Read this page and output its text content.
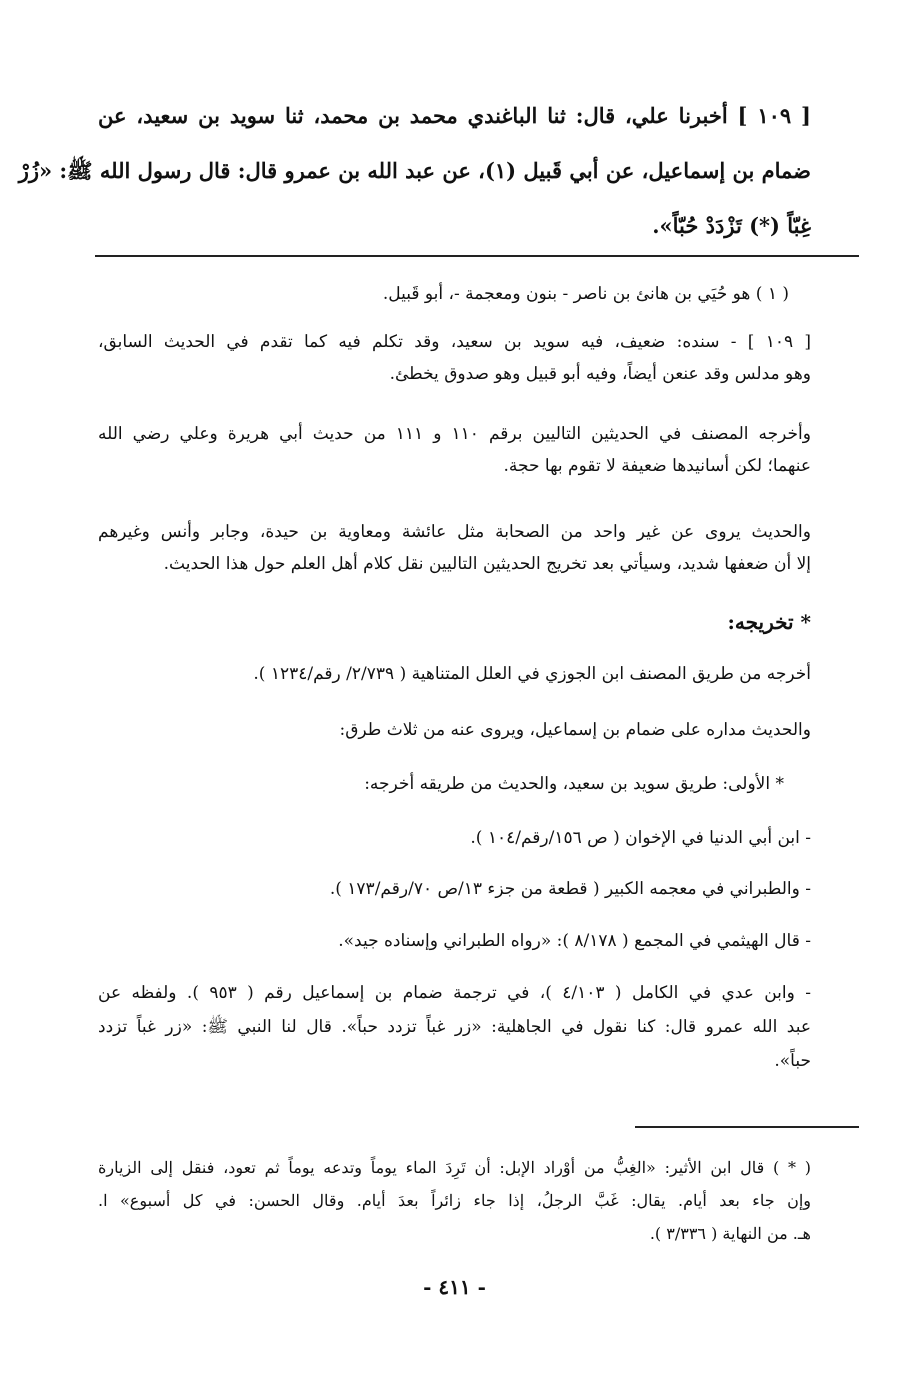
[ ١٠٩ ] أخبرنا علي، قال: ثنا الباغندي محمد بن محمد، ثنا سويد بن سعيد، عن
ضمام بن إسماعيل، عن أبي قَبيل (١)، عن عبد الله بن عمرو قال: قال رسول الله ﷺ: «زُرْ
غِبّاً (*) تَزْدَدْ حُبّاً».
( ١ ) هو حُيَي بن هانئ بن ناصر - بنون ومعجمة -، أبو قَبيل.
[ ١٠٩ ] - سنده: ضعيف، فيه سويد بن سعيد، وقد تكلم فيه كما تقدم في الحديث السابق،
وهو مدلس وقد عنعن أيضاً، وفيه أبو قبيل وهو صدوق يخطئ.
وأخرجه المصنف في الحديثين التاليين برقم ١١٠ و ١١١ من حديث أبي هريرة وعلي رضي الله
عنهما؛ لكن أسانيدها ضعيفة لا تقوم بها حجة.
والحديث يروى عن غير واحد من الصحابة مثل عائشة ومعاوية بن حيدة، وجابر وأنس وغيرهم
إلا أن ضعفها شديد، وسيأتي بعد تخريج الحديثين التاليين نقل كلام أهل العلم حول هذا الحديث.
* تخريجه:
أخرجه من طريق المصنف ابن الجوزي في العلل المتناهية ( ٢/٧٣٩/ رقم/١٢٣٤ ).
والحديث مداره على ضمام بن إسماعيل، ويروى عنه من ثلاث طرق:
* الأولى: طريق سويد بن سعيد، والحديث من طريقه أخرجه:
- ابن أبي الدنيا في الإخوان ( ص ١٥٦/رقم/١٠٤ ).
- والطبراني في معجمه الكبير ( قطعة من جزء ١٣/ص ٧٠/رقم/١٧٣ ).
- قال الهيثمي في المجمع ( ٨/١٧٨ ): «رواه الطبراني وإسناده جيد».
- وابن عدي في الكامل ( ٤/١٠٣ )، في ترجمة ضمام بن إسماعيل رقم ( ٩٥٣ ). ولفظه عن
عبد الله عمرو قال: كنا نقول في الجاهلية: «زر غباً تزدد حباً». قال لنا النبي ﷺ: «زر غباً تزدد
حباً».
( * ) قال ابن الأثير: «الغِبُّ من أوْراد الإبل: أن تَرِدَ الماء يوماً وتدعه يوماً ثم تعود، فنقل إلى الزيارة
وإن جاء بعد أيام. يقال: غَبَّ الرجلُ، إذا جاء زائراً بعدَ أيام. وقال الحسن: في كل أسبوع» ا.
هـ. من النهاية ( ٣/٣٣٦ ).
- ٤١١ -
